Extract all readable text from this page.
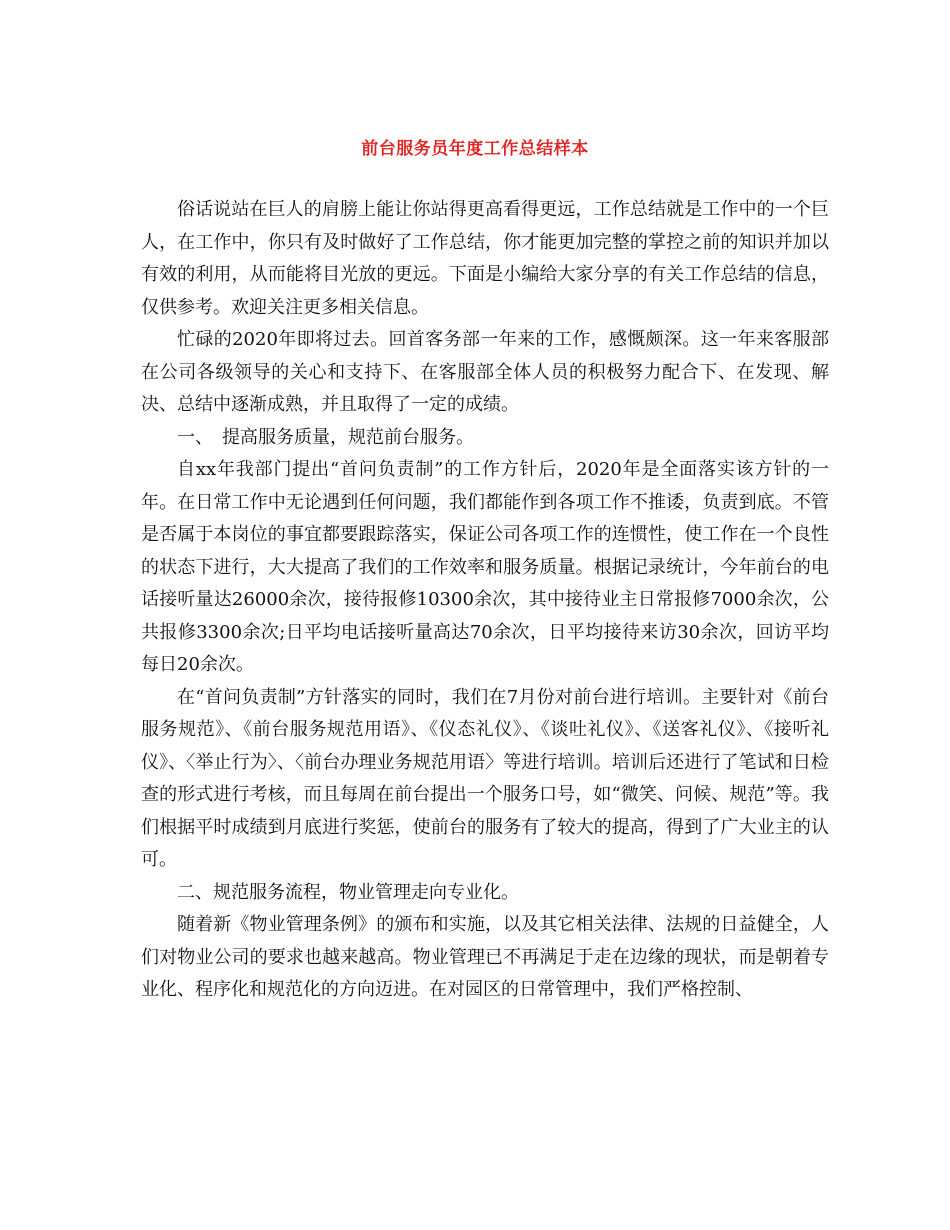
前台服务员年度工作总结样本

俗话说站在巨人的肩膀上能让你站得更高看得更远，工作总结就是工作中的一个巨人，在工作中，你只有及时做好了工作总结，你才能更加完整的掌控之前的知识并加以有效的利用，从而能将目光放的更远。下面是小编给大家分享的有关工作总结的信息，仅供参考。欢迎关注更多相关信息。

忙碌的2020年即将过去。回首客务部一年来的工作，感慨颇深。这一年来客服部在公司各级领导的关心和支持下、在客服部全体人员的积极努力配合下、在发现、解决、总结中逐渐成熟，并且取得了一定的成绩。

一、　提高服务质量，规范前台服务。

自xx年我部门提出“首问负责制”的工作方针后，2020年是全面落实该方针的一年。在日常工作中无论遇到任何问题，我们都能作到各项工作不推诿，负责到底。不管是否属于本岗位的事宜都要跟踪落实，保证公司各项工作的连惯性，使工作在一个良性的状态下进行，大大提高了我们的工作效率和服务质量。根据记录统计，今年前台的电话接听量达26000余次，接待报修10300余次，其中接待业主日常报修7000余次，公共报修3300余次;日平均电话接听量高达70余次，日平均接待来访30余次，回访平均每日20余次。

在“首问负责制”方针落实的同时，我们在7月份对前台进行培训。主要针对《前台服务规范》、《前台服务规范用语》、《仪态礼仪》、《谈吐礼仪》、《送客礼仪》、《接听礼仪》、〈举止行为〉、〈前台办理业务规范用语〉等进行培训。培训后还进行了笔试和日检查的形式进行考核，而且每周在前台提出一个服务口号，如“微笑、问候、规范”等。我们根据平时成绩到月底进行奖惩，使前台的服务有了较大的提高，得到了广大业主的认可。

二、规范服务流程，物业管理走向专业化。

随着新《物业管理条例》的颁布和实施，以及其它相关法律、法规的日益健全，人们对物业公司的要求也越来越高。物业管理已不再满足于走在边缘的现状，而是朝着专业化、程序化和规范化的方向迈进。在对园区的日常管理中，我们严格控制、
